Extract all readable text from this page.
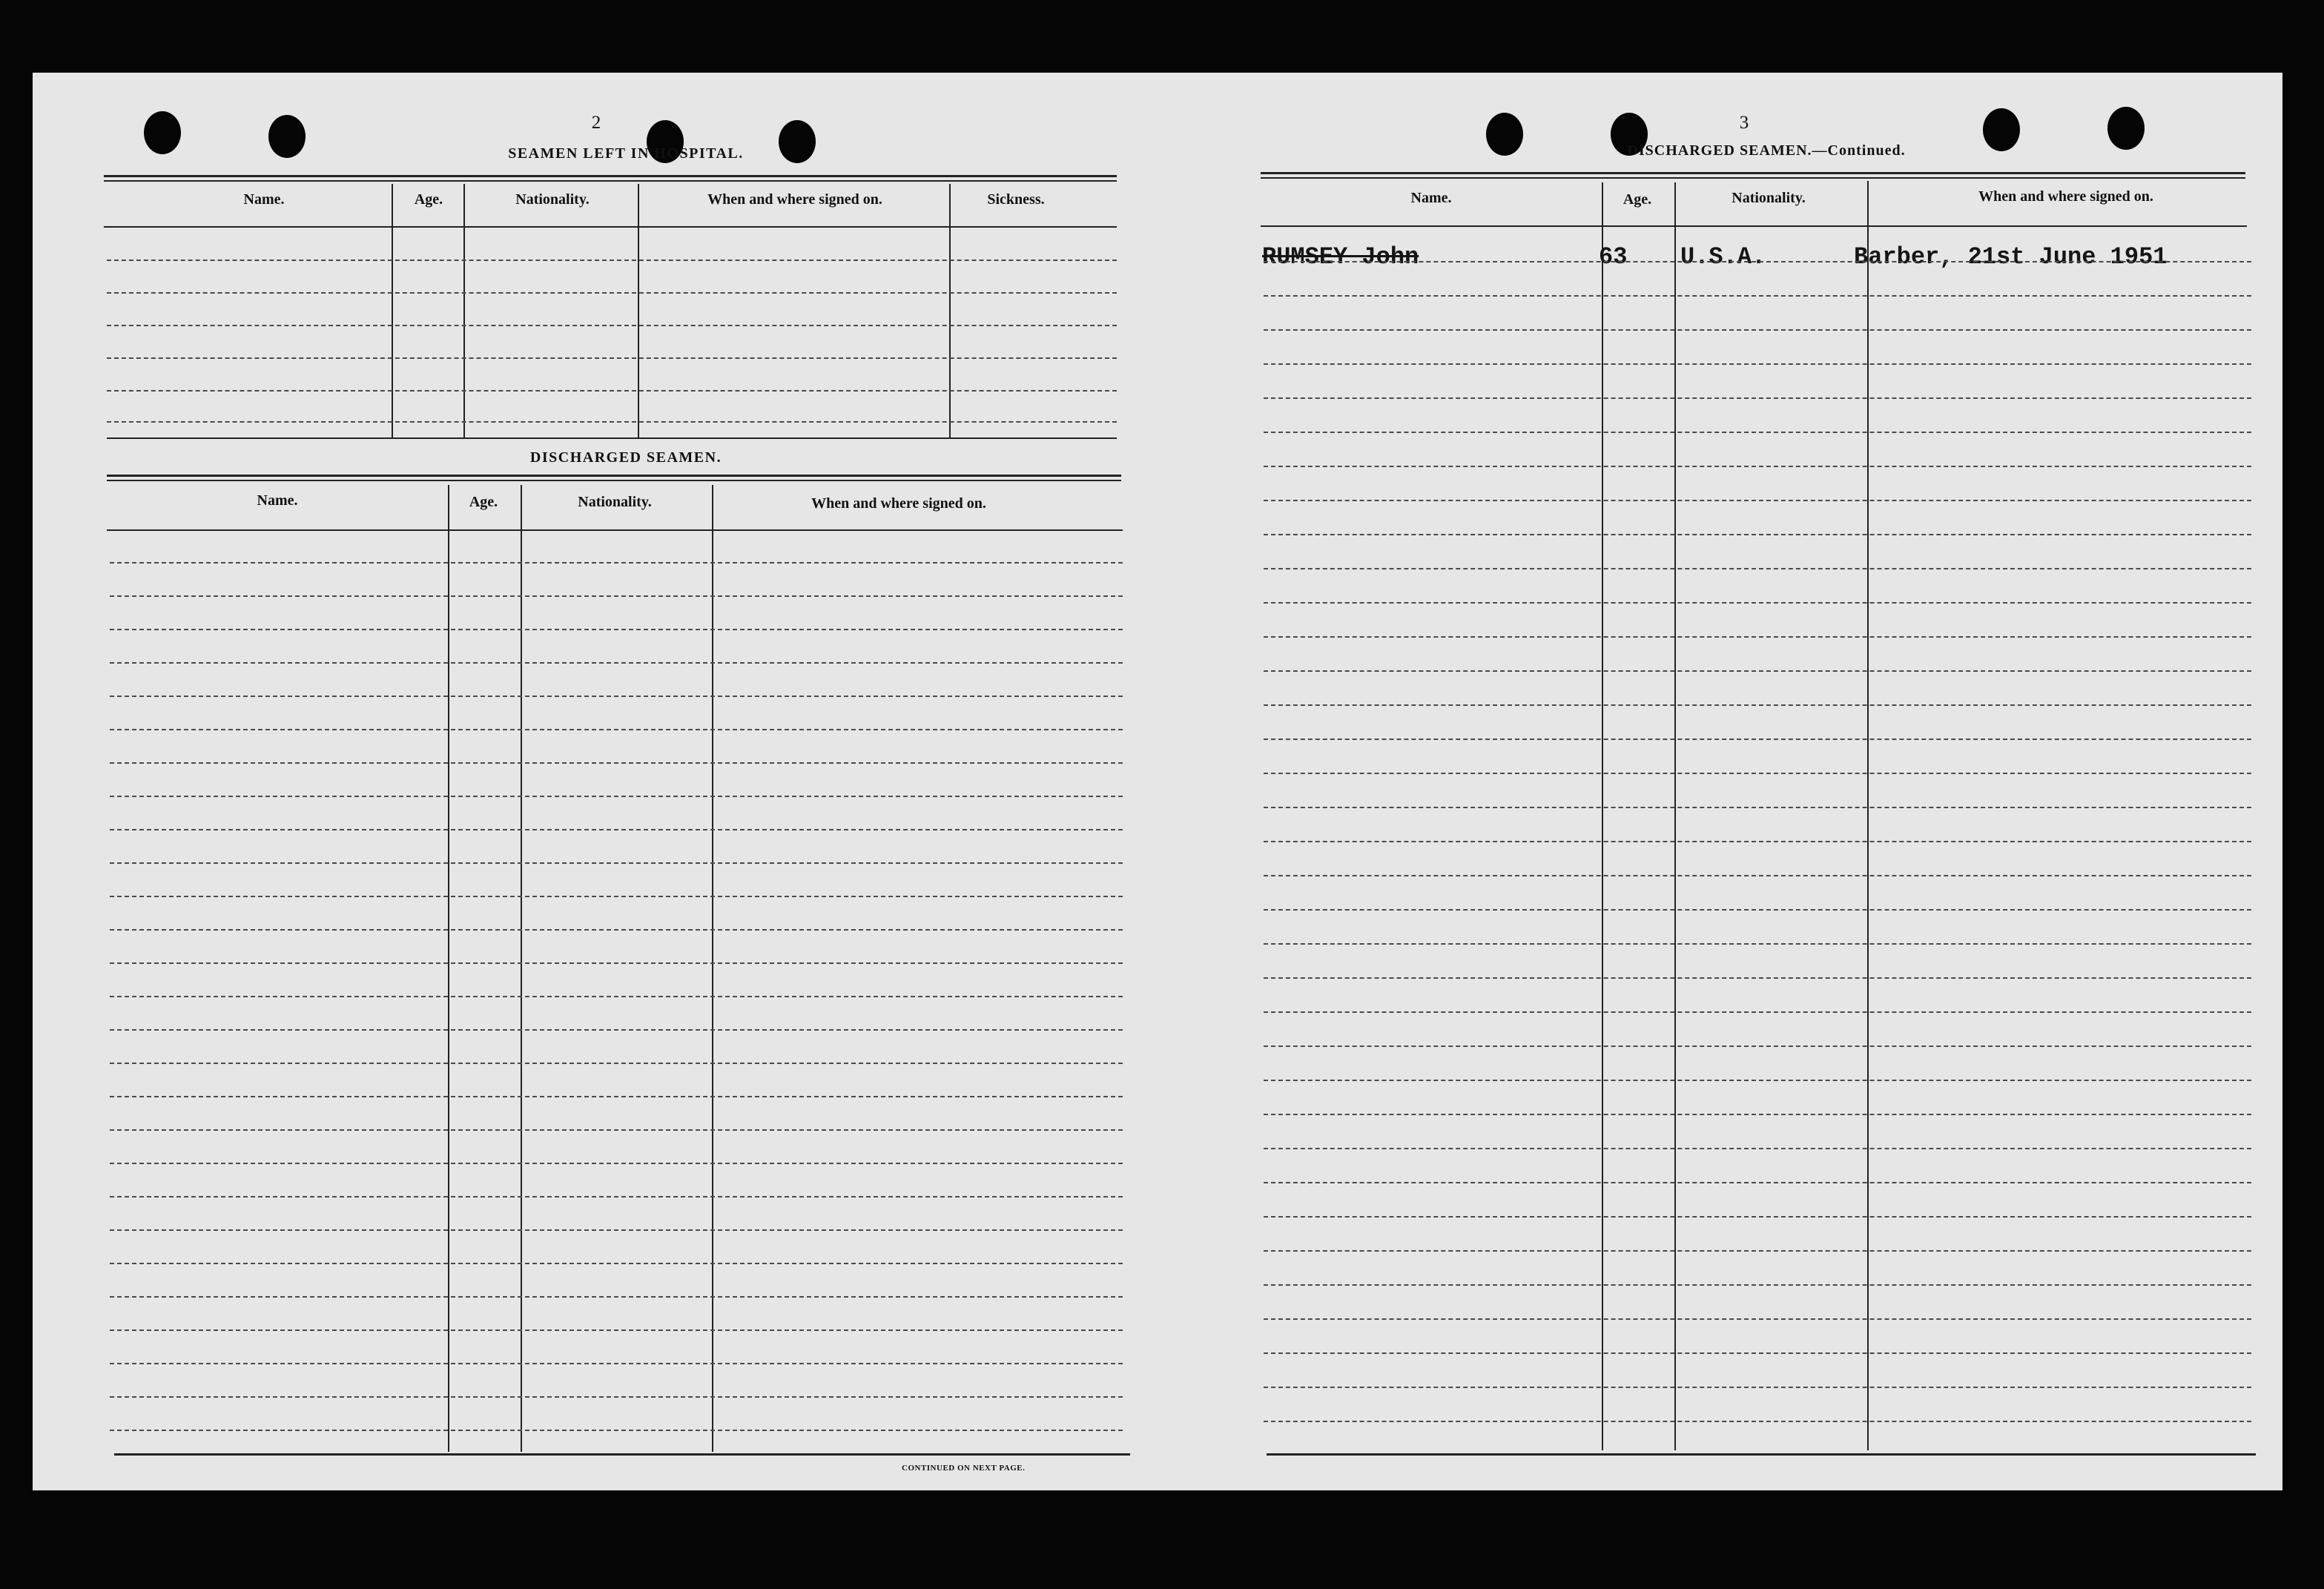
2
SEAMEN LEFT IN HOSPITAL.
Name.	Age.	Nationality.	When and where signed on.	Sickness.
DISCHARGED SEAMEN.
Name.	Age.	Nationality.	When and where signed on.
CONTINUED ON NEXT PAGE.
3
DISCHARGED SEAMEN.—Continued.
Name.	Age.	Nationality.	When and where signed on.
RUMSEY John	63 U.S.A.	Barber, 21st June 1951
